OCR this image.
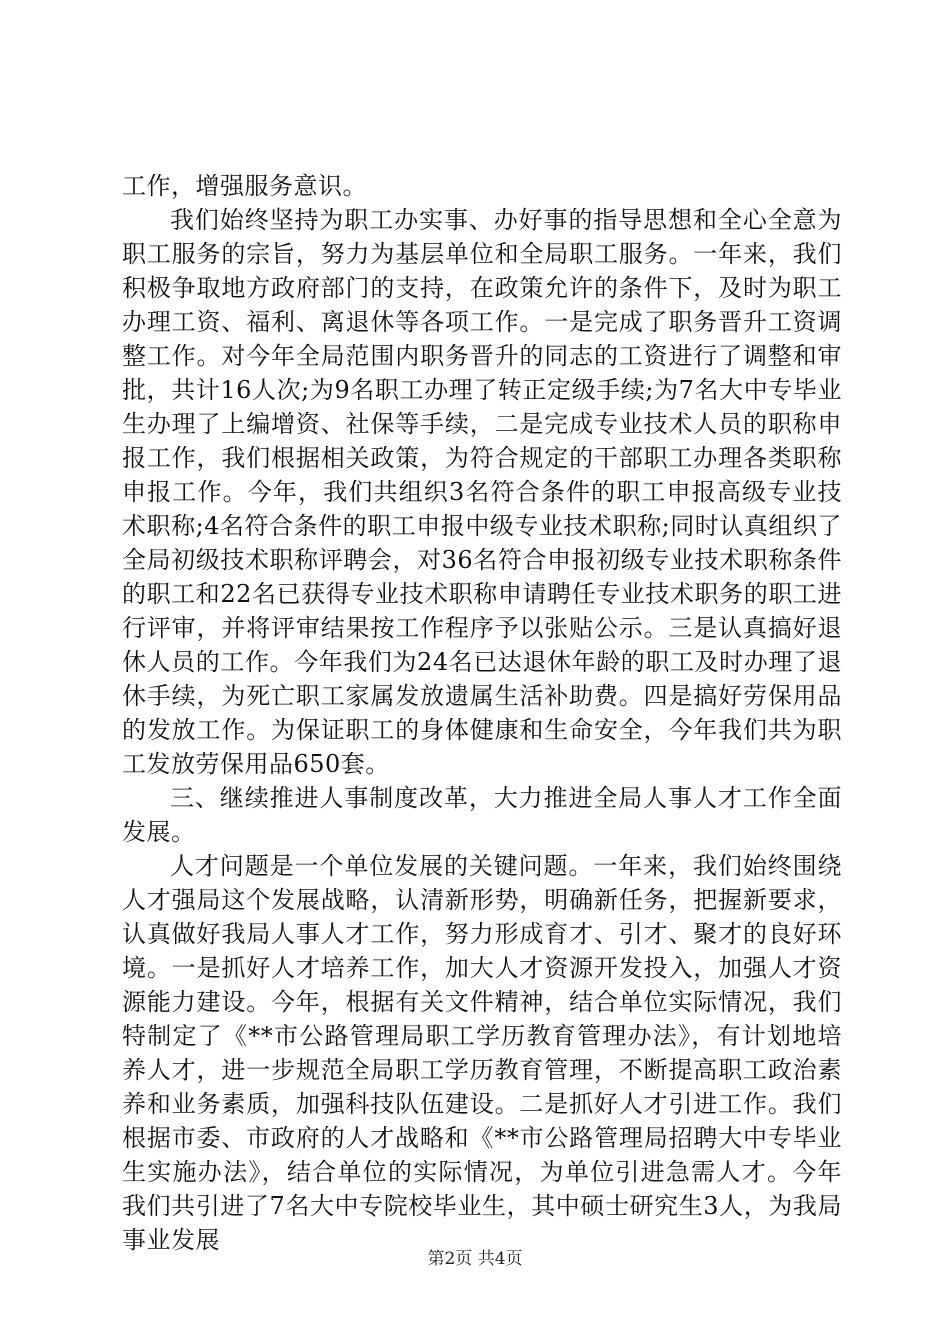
工作，增强服务意识。

我们始终坚持为职工办实事、办好事的指导思想和全心全意为职工服务的宗旨，努力为基层单位和全局职工服务。一年来，我们积极争取地方政府部门的支持，在政策允许的条件下，及时为职工办理工资、福利、离退休等各项工作。一是完成了职务晋升工资调整工作。对今年全局范围内职务晋升的同志的工资进行了调整和审批，共计16人次;为9名职工办理了转正定级手续;为7名大中专毕业生办理了上编增资、社保等手续，二是完成专业技术人员的职称申报工作，我们根据相关政策，为符合规定的干部职工办理各类职称申报工作。今年，我们共组织3名符合条件的职工申报高级专业技术职称;4名符合条件的职工申报中级专业技术职称;同时认真组织了全局初级技术职称评聘会，对36名符合申报初级专业技术职称条件的职工和22名已获得专业技术职称申请聘任专业技术职务的职工进行评审，并将评审结果按工作程序予以张贴公示。三是认真搞好退休人员的工作。今年我们为24名已达退休年龄的职工及时办理了退休手续，为死亡职工家属发放遗属生活补助费。四是搞好劳保用品的发放工作。为保证职工的身体健康和生命安全，今年我们共为职工发放劳保用品650套。

三、继续推进人事制度改革，大力推进全局人事人才工作全面发展。

人才问题是一个单位发展的关键问题。一年来，我们始终围绕人才强局这个发展战略，认清新形势，明确新任务，把握新要求，认真做好我局人事人才工作，努力形成育才、引才、聚才的良好环境。一是抓好人才培养工作，加大人才资源开发投入，加强人才资源能力建设。今年，根据有关文件精神，结合单位实际情况，我们特制定了《**市公路管理局职工学历教育管理办法》，有计划地培养人才，进一步规范全局职工学历教育管理，不断提高职工政治素养和业务素质，加强科技队伍建设。二是抓好人才引进工作。我们根据市委、市政府的人才战略和《**市公路管理局招聘大中专毕业生实施办法》，结合单位的实际情况，为单位引进急需人才。今年我们共引进了7名大中专院校毕业生，其中硕士研究生3人，为我局事业发展

第2页 共4页
